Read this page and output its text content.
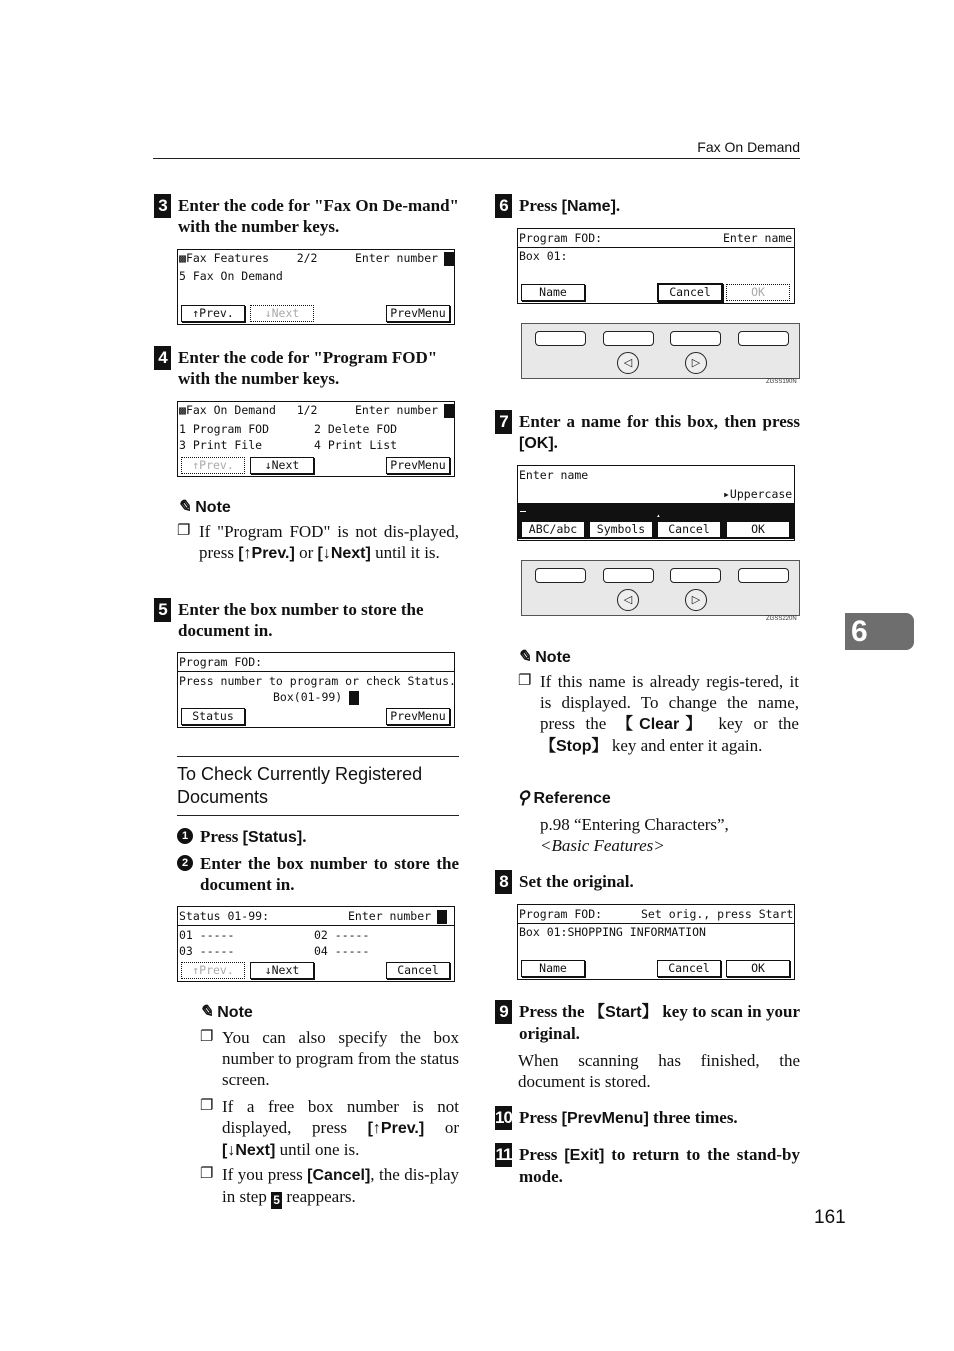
Fax On Demand
3 Enter the code for "Fax On De-mand" with the number keys.
▩Fax Features    2/2	Enter number
5 Fax On Demand
↑Prev.	↓Next	PrevMenu
4 Enter the code for "Program FOD" with the number keys.
▩Fax On Demand   1/2	Enter number
1 Program FOD	2 Delete FOD
3 Print File	4 Print List
↑Prev.	↓Next	PrevMenu
✎ Note
❐ If "Program FOD" is not dis-played, press [↑Prev.] or [↓Next] until it is.
5 Enter the box number to store the document in.
Program FOD:
Press number to program or check Status.
Box(01-99)
Status	PrevMenu
To Check Currently Registered Documents
1 Press [Status].
2 Enter the box number to store the document in.
Status 01-99:	Enter number
01 -----	02 -----
03 -----	04 -----
↑Prev.	↓Next	Cancel
✎ Note
❐ You can also specify the box number to program from the status screen.
❐ If a free box number is not displayed, press [↑Prev.] or [↓Next] until one is.
❐ If you press [Cancel], the dis-play in step 5 reappears.
6 Press [Name].
Program FOD:	Enter name
Box 01:
Name	Cancel	OK
◁	▷
ZGSS190N
7 Enter a name for this box, then press [OK].
Enter name
▸Uppercase
ABC/abc	Symbols	Cancel	OK
◁	▷
ZGSS220N
✎ Note
❐ If this name is already regis-tered, it is displayed. To change the name, press the 【Clear】 key or the 【Stop】 key and enter it again.
⚲ Reference
p.98 “Entering Characters”,
<Basic Features>
8 Set the original.
Program FOD:	Set orig., press Start
Box 01:SHOPPING INFORMATION
Name	Cancel	OK
9 Press the 【Start】 key to scan in your original.
When scanning has finished, the document is stored.
10 Press [PrevMenu] three times.
11 Press [Exit] to return to the stand-by mode.
6
161
